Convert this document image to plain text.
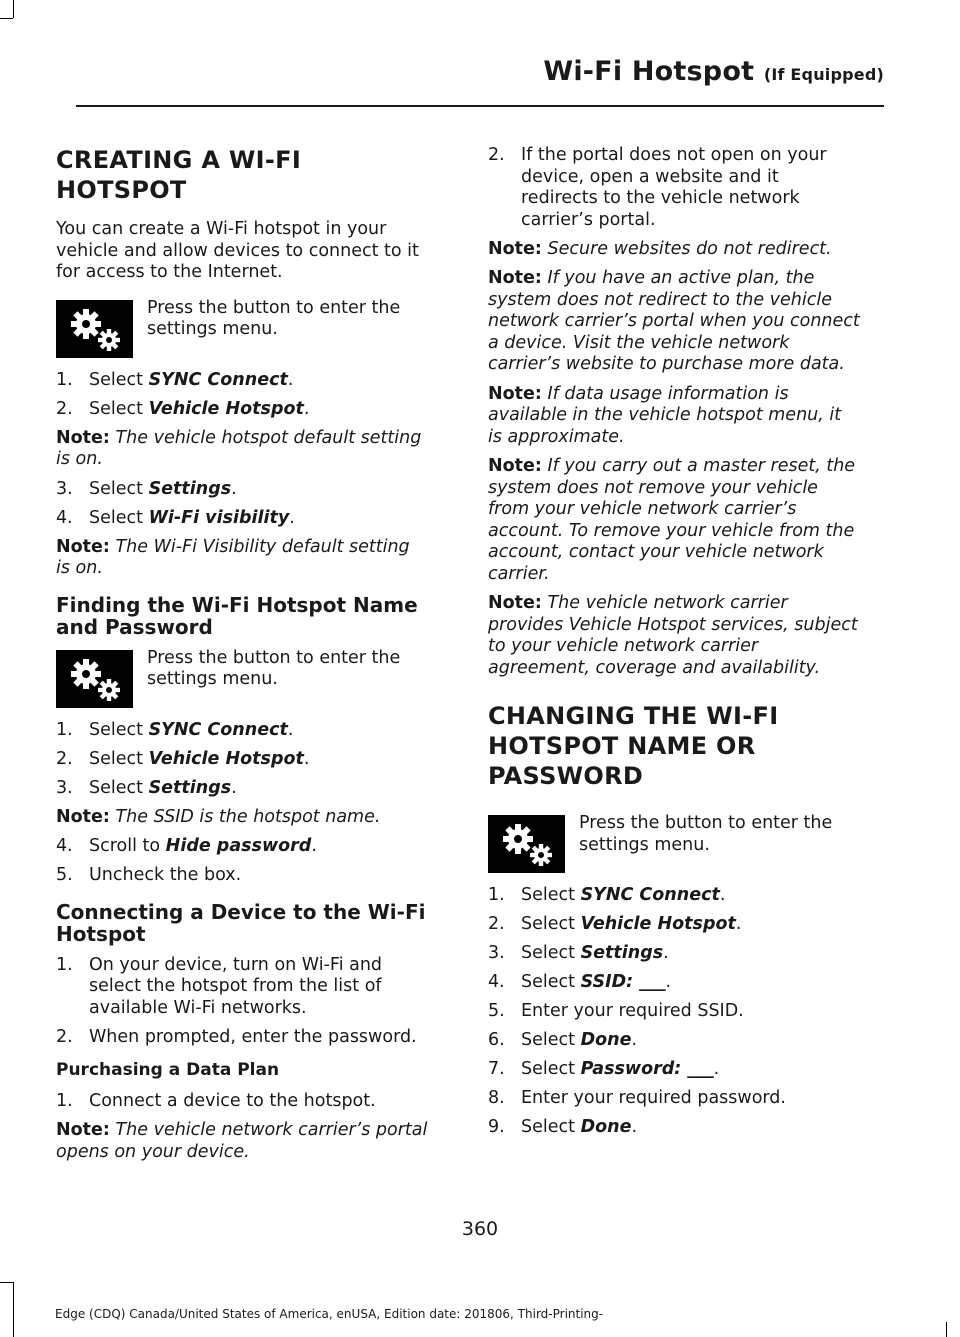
Wi-Fi Hotspot (If Equipped)
CREATING A WI-FI HOTSPOT

You can create a Wi-Fi hotspot in your vehicle and allow devices to connect to it for access to the Internet.

Press the button to enter the settings menu.
1. Select SYNC Connect.
2. Select Vehicle Hotspot.

Note: The vehicle hotspot default setting is on.

3. Select Settings.
4. Select Wi-Fi visibility.

Note: The Wi-Fi Visibility default setting is on.

Finding the Wi-Fi Hotspot Name and Password
Press the button to enter the settings menu.
1. Select SYNC Connect.
2. Select Vehicle Hotspot.
3. Select Settings.

Note: The SSID is the hotspot name.

4. Scroll to Hide password.
5. Uncheck the box.
Connecting a Device to the Wi-Fi Hotspot
1. On your device, turn on Wi-Fi and select the hotspot from the list of available Wi-Fi networks.
2. When prompted, enter the password.
Purchasing a Data Plan
1. Connect a device to the hotspot.

Note: The vehicle network carrier’s portal opens on your device.

2. If the portal does not open on your device, open a website and it redirects to the vehicle network carrier’s portal.

Note: Secure websites do not redirect.

Note: If you have an active plan, the system does not redirect to the vehicle network carrier’s portal when you connect a device. Visit the vehicle network carrier’s website to purchase more data.

Note: If data usage information is available in the vehicle hotspot menu, it is approximate.

Note: If you carry out a master reset, the system does not remove your vehicle from your vehicle network carrier’s account. To remove your vehicle from the account, contact your vehicle network carrier.

Note: The vehicle network carrier provides Vehicle Hotspot services, subject to your vehicle network carrier agreement, coverage and availability.

CHANGING THE WI-FI
HOTSPOT NAME OR
PASSWORD
Press the button to enter the settings menu.
1. Select SYNC Connect.
2. Select Vehicle Hotspot.
3. Select Settings.
4. Select SSID: ___.
5. Enter your required SSID.
6. Select Done.
7. Select Password: ___.
8. Enter your required password.
9. Select Done.
360
Edge (CDQ) Canada/United States of America, enUSA, Edition date: 201806, Third-Printing-
